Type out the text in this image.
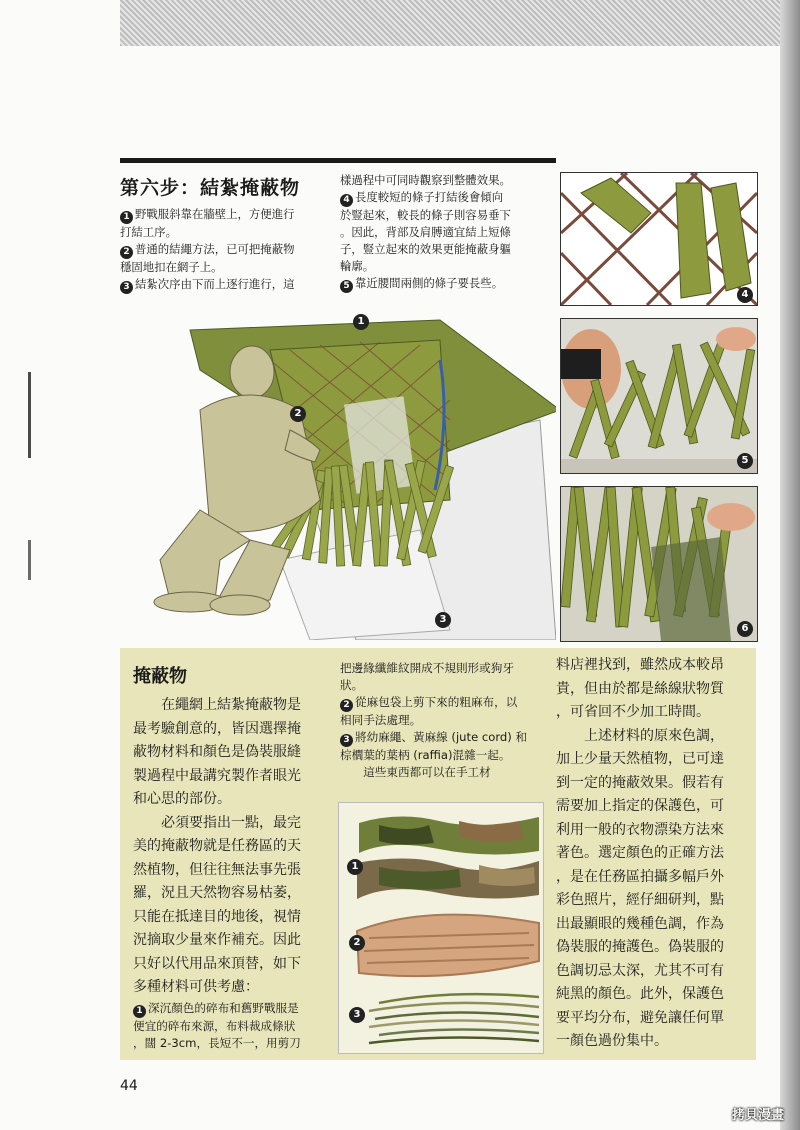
第六步：結紮掩蔽物
1 野戰服斜靠在牆壁上，方便進行
打結工序。
2 普通的結繩方法，已可把掩蔽物
穩固地扣在網子上。
3 結紮次序由下而上逐行進行，這
樣過程中可同時觀察到整體效果。
4 長度較短的條子打結後會傾向
於豎起來，較長的條子則容易垂下
。因此，背部及肩膊適宜結上短條
子，豎立起來的效果更能掩蔽身軀
輪廓。
5 靠近腰間兩側的條子要長些。
1
2
3
4
5
6
掩蔽物
　　在繩網上結紮掩蔽物是
最考驗創意的，皆因選擇掩
蔽物材料和顏色是偽裝服縫
製過程中最講究製作者眼光
和心思的部份。
　　必須要指出一點，最完
美的掩蔽物就是任務區的天
然植物，但往往無法事先張
羅，況且天然物容易枯萎，
只能在抵達目的地後，視情
況摘取少量來作補充。因此
只好以代用品來頂替，如下
多種材料可供考慮：
1 深沉顏色的碎布和舊野戰服是
便宜的碎布來源，布料裁成條狀
，闊 2-3cm，長短不一，用剪刀
把邊緣纖維紋開成不規則形或狗牙
狀。
2 從麻包袋上剪下來的粗麻布，以
相同手法處理。
3 將幼麻繩、黃麻線 (jute cord) 和
棕櫚葉的葉柄 (raffia)混雜一起。
　　這些東西都可以在手工材
1
2
3
料店裡找到，雖然成本較昂
貴，但由於都是絲線狀物質
，可省回不少加工時間。
　　上述材料的原來色調，
加上少量天然植物，已可達
到一定的掩蔽效果。假若有
需要加上指定的保護色，可
利用一般的衣物漂染方法來
著色。選定顏色的正確方法
，是在任務區拍攝多幅戶外
彩色照片，經仔細研判，點
出最顯眼的幾種色調，作為
偽裝服的掩護色。偽裝服的
色調切忌太深，尤其不可有
純黑的顏色。此外，保護色
要平均分布，避免讓任何單
一顏色過份集中。
44
拷貝漫畫
